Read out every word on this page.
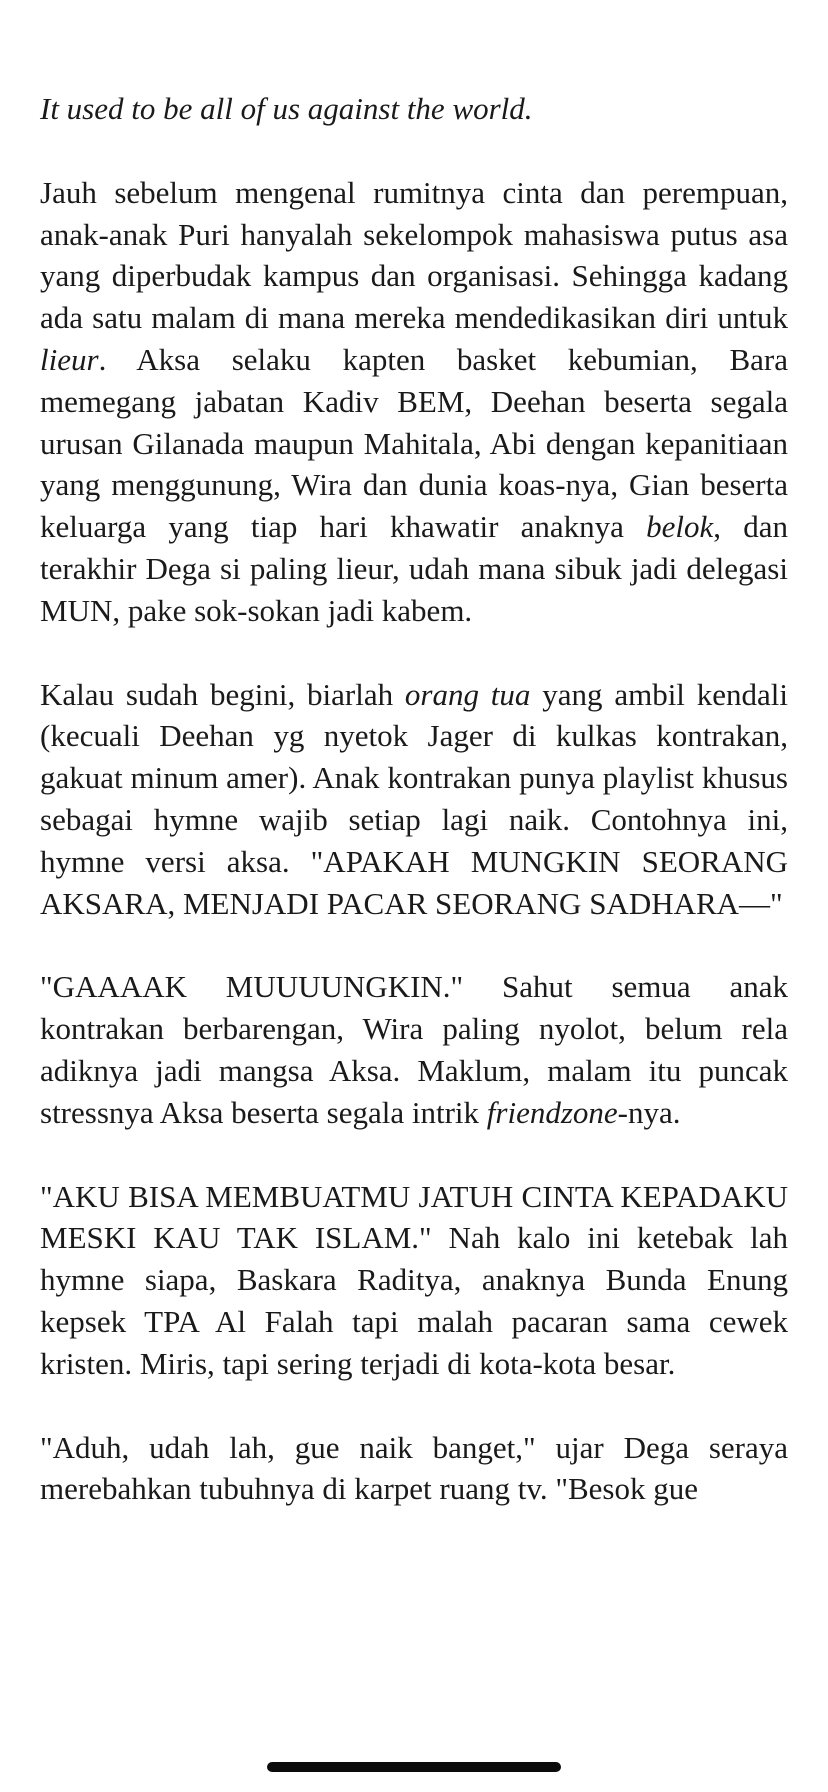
It used to be all of us against the world.

Jauh sebelum mengenal rumitnya cinta dan perempuan, anak-anak Puri hanyalah sekelompok mahasiswa putus asa yang diperbudak kampus dan organisasi. Sehingga kadang ada satu malam di mana mereka mendedikasikan diri untuk lieur. Aksa selaku kapten basket kebumian, Bara memegang jabatan Kadiv BEM, Deehan beserta segala urusan Gilanada maupun Mahitala, Abi dengan kepanitiaan yang menggunung, Wira dan dunia koas-nya, Gian beserta keluarga yang tiap hari khawatir anaknya belok, dan terakhir Dega si paling lieur, udah mana sibuk jadi delegasi MUN, pake sok-sokan jadi kabem.

Kalau sudah begini, biarlah orang tua yang ambil kendali (kecuali Deehan yg nyetok Jager di kulkas kontrakan, gakuat minum amer). Anak kontrakan punya playlist khusus sebagai hymne wajib setiap lagi naik. Contohnya ini, hymne versi aksa. "APAKAH MUNGKIN SEORANG AKSARA, MENJADI PACAR SEORANG SADHARA—"

"GAAAAK MUUUUNGKIN." Sahut semua anak kontrakan berbarengan, Wira paling nyolot, belum rela adiknya jadi mangsa Aksa. Maklum, malam itu puncak stressnya Aksa beserta segala intrik friendzone-nya.

"AKU BISA MEMBUATMU JATUH CINTA KEPADAKU MESKI KAU TAK ISLAM." Nah kalo ini ketebak lah hymne siapa, Baskara Raditya, anaknya Bunda Enung kepsek TPA Al Falah tapi malah pacaran sama cewek kristen. Miris, tapi sering terjadi di kota-kota besar.

"Aduh, udah lah, gue naik banget," ujar Dega seraya merebahkan tubuhnya di karpet ruang tv. "Besok gue
